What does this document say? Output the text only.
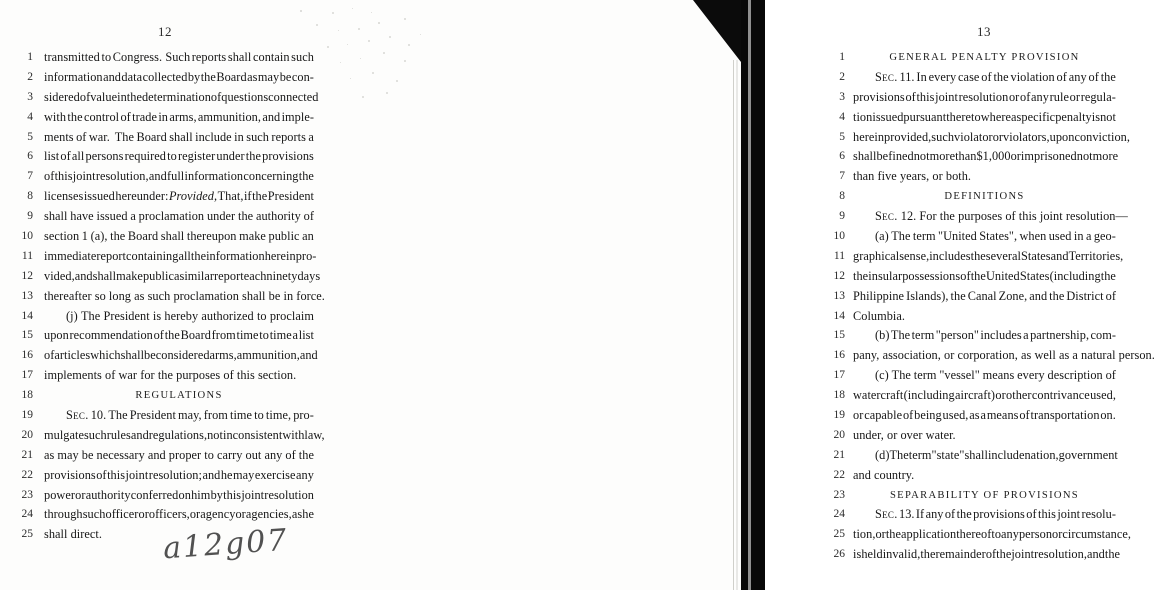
12
1 transmitted to Congress. Such reports shall contain such
2 information and data collected by the Board as may be con-
3 sidered of value in the determination of questions connected
4 with the control of trade in arms, ammunition, and imple-
5 ments of war. The Board shall include in such reports a
6 list of all persons required to register under the provisions
7 of this joint resolution, and full information concerning the
8 licenses issued hereunder: Provided, That, if the President
9 shall have issued a proclamation under the authority of
10 section 1 (a), the Board shall thereupon make public an
11 immediate report containing all the information herein pro-
12 vided, and shall make public a similar report each ninety days
13 thereafter so long as such proclamation shall be in force.
14	(j) The President is hereby authorized to proclaim
15 upon recommendation of the Board from time to time a list
16 of articles which shall be considered arms, ammunition, and
17 implements of war for the purposes of this section.
18	REGULATIONS
19	Sec. 10. The President may, from time to time, pro-
20 mulgate such rules and regulations, not inconsistent with law,
21 as may be necessary and proper to carry out any of the
22 provisions of this joint resolution; and he may exercise any
23 power or authority conferred on him by this joint resolution
24 through such officer or officers, or agency or agencies, as he
25 shall direct.
13
1	GENERAL PENALTY PROVISION
2 Sec. 11. In every case of the violation of any of the
3 provisions of this joint resolution or of any rule or regula-
4 tion issued pursuant thereto where a specific penalty is not
5 herein provided, such violator or violators, upon conviction,
6 shall be fined not more than $1,000 or imprisoned not more
7 than five years, or both.
8	DEFINITIONS
9	Sec. 12. For the purposes of this joint resolution—
10 (a) The term "United States", when used in a geo-
11 graphical sense, includes the several States and Territories,
12 the insular possessions of the United States (including the
13 Philippine Islands), the Canal Zone, and the District of
14 Columbia.
15 (b) The term "person" includes a partnership, com-
16 pany, association, or corporation, as well as a natural person.
17 (c) The term "vessel" means every description of
18 watercraft (including aircraft) or other contrivance used,
19 or capable of being used, as a means of transportation on.
20 under, or over water.
21 (d) The term "state" shall include nation, government
22 and country.
23	SEPARABILITY OF PROVISIONS
24 Sec. 13. If any of the provisions of this joint resolu-
25 tion, or the application thereof to any person or circumstance,
26 is held invalid, the remainder of the joint resolution, and the
a12g07
